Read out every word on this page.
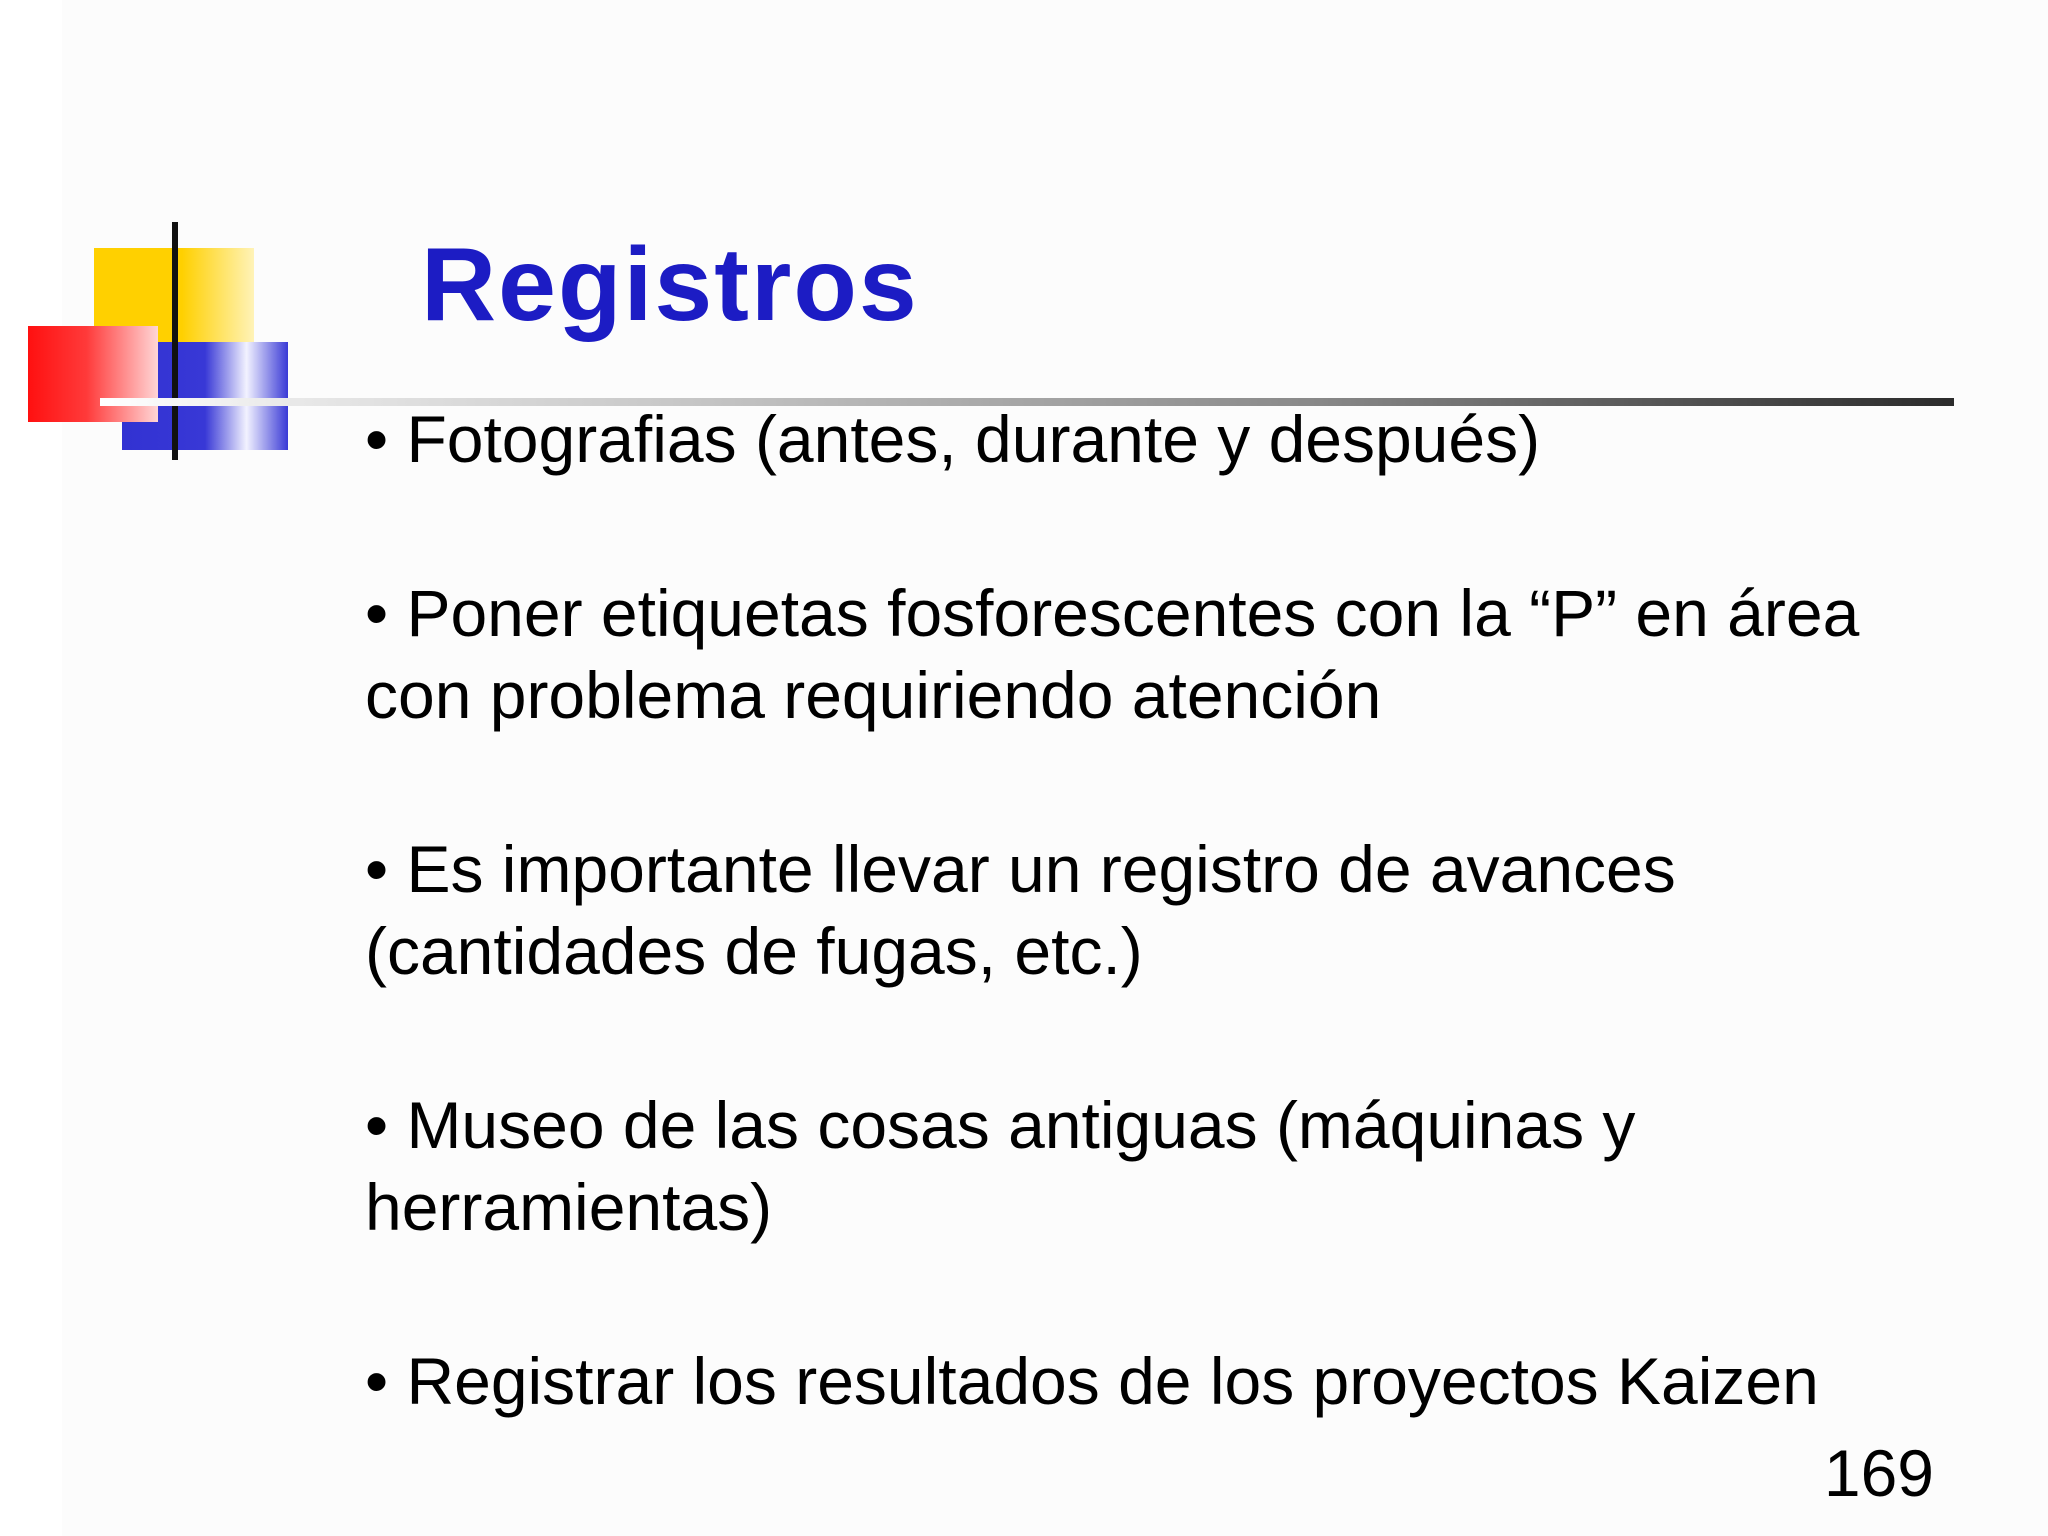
Registros
• Fotografias (antes, durante y después)
• Poner etiquetas fosforescentes con la “P” en área con problema requiriendo atención
• Es importante llevar un registro de avances (cantidades de fugas, etc.)
• Museo de las cosas antiguas (máquinas y herramientas)
• Registrar los resultados de los proyectos Kaizen
169
